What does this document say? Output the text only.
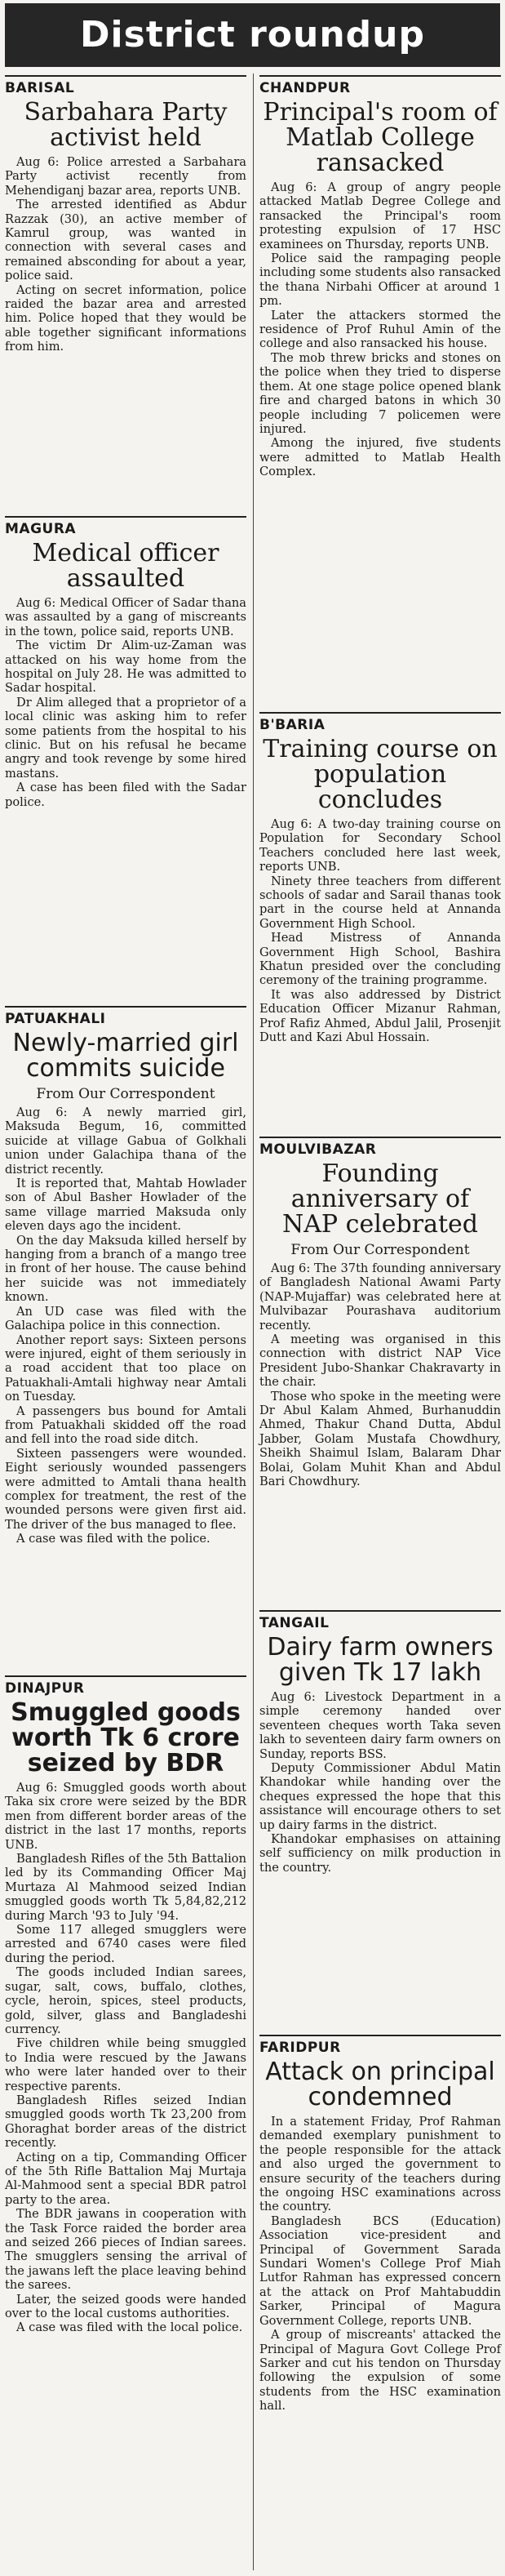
District roundup
BARISAL
Sarbahara Party activist held

Aug 6: Police arrested a Sarbahara Party activist recently from Mehendiganj bazar area, reports UNB.

The arrested identified as Abdur Razzak (30), an active member of Kamrul group, was wanted in connection with several cases and remained absconding for about a year, police said.

Acting on secret information, police raided the bazar area and arrested him. Police hoped that they would be able together significant informations from him.

MAGURA
Medical officer assaulted

Aug 6: Medical Officer of Sadar thana was assaulted by a gang of miscreants in the town, police said, reports UNB.

The victim Dr Alim-uz-Zaman was attacked on his way home from the hospital on July 28. He was admitted to Sadar hospital.

Dr Alim alleged that a proprietor of a local clinic was asking him to refer some patients from the hospital to his clinic. But on his refusal he became angry and took revenge by some hired mastans.

A case has been filed with the Sadar police.

PATUAKHALI
Newly-married girl commits suicide
From Our Correspondent

Aug 6: A newly married girl, Maksuda Begum, 16, committed suicide at village Gabua of Golkhali union under Galachipa thana of the district recently.

It is reported that, Mahtab Howlader son of Abul Basher Howlader of the same village married Maksuda only eleven days ago the incident.

On the day Maksuda killed herself by hanging from a branch of a mango tree in front of her house. The cause behind her suicide was not immediately known.

An UD case was filed with the Galachipa police in this connection.

Another report says: Sixteen persons were injured, eight of them seriously in a road accident that too place on Patuakhali-Amtali highway near Amtali on Tuesday.

A passengers bus bound for Amtali from Patuakhali skidded off the road and fell into the road side ditch.

Sixteen passengers were wounded. Eight seriously wounded passengers were admitted to Amtali thana health complex for treatment, the rest of the wounded persons were given first aid. The driver of the bus managed to flee.

A case was filed with the police.

DINAJPUR
Smuggled goods worth Tk 6 crore seized by BDR

Aug 6: Smuggled goods worth about Taka six crore were seized by the BDR men from different border areas of the district in the last 17 months, reports UNB.

Bangladesh Rifles of the 5th Battalion led by its Commanding Officer Maj Murtaza Al Mahmood seized Indian smuggled goods worth Tk 5,84,82,212 during March '93 to July '94.

Some 117 alleged smugglers were arrested and 6740 cases were filed during the period.

The goods included Indian sarees, sugar, salt, cows, buffalo, clothes, cycle, heroin, spices, steel products, gold, silver, glass and Bangladeshi currency.

Five children while being smuggled to India were rescued by the Jawans who were later handed over to their respective parents.

Bangladesh Rifles seized Indian smuggled goods worth Tk 23,200 from Ghoraghat border areas of the district recently.

Acting on a tip, Commanding Officer of the 5th Rifle Battalion Maj Murtaja Al-Mahmood sent a special BDR patrol party to the area.

The BDR jawans in cooperation with the Task Force raided the border area and seized 266 pieces of Indian sarees. The smugglers sensing the arrival of the jawans left the place leaving behind the sarees.

Later, the seized goods were handed over to the local customs authorities.

A case was filed with the local police.

CHANDPUR
Principal's room of Matlab College ransacked

Aug 6: A group of angry people attacked Matlab Degree College and ransacked the Principal's room protesting expulsion of 17 HSC examinees on Thursday, reports UNB.

Police said the rampaging people including some students also ransacked the thana Nirbahi Officer at around 1 pm.

Later the attackers stormed the residence of Prof Ruhul Amin of the college and also ransacked his house.

The mob threw bricks and stones on the police when they tried to disperse them. At one stage police opened blank fire and charged batons in which 30 people including 7 policemen were injured.

Among the injured, five students were admitted to Matlab Health Complex.

B'BARIA
Training course on population concludes

Aug 6: A two-day training course on Population for Secondary School Teachers concluded here last week, reports UNB.

Ninety three teachers from different schools of sadar and Sarail thanas took part in the course held at Annanda Government High School.

Head Mistress of Annanda Government High School, Bashira Khatun presided over the concluding ceremony of the training programme.

It was also addressed by District Education Officer Mizanur Rahman, Prof Rafiz Ahmed, Abdul Jalil, Prosenjit Dutt and Kazi Abul Hossain.

MOULVIBAZAR
Founding anniversary of NAP celebrated
From Our Correspondent

Aug 6: The 37th founding anniversary of Bangladesh National Awami Party (NAP-Mujaffar) was celebrated here at Mulvibazar Pourashava auditorium recently.

A meeting was organised in this connection with district NAP Vice President Jubo-Shankar Chakravarty in the chair.

Those who spoke in the meeting were Dr Abul Kalam Ahmed, Burhanuddin Ahmed, Thakur Chand Dutta, Abdul Jabber, Golam Mustafa Chowdhury, Sheikh Shaimul Islam, Balaram Dhar Bolai, Golam Muhit Khan and Abdul Bari Chowdhury.

TANGAIL
Dairy farm owners given Tk 17 lakh

Aug 6: Livestock Department in a simple ceremony handed over seventeen cheques worth Taka seven lakh to seventeen dairy farm owners on Sunday, reports BSS.

Deputy Commissioner Abdul Matin Khandokar while handing over the cheques expressed the hope that this assistance will encourage others to set up dairy farms in the district.

Khandokar emphasises on attaining self sufficiency on milk production in the country.

FARIDPUR
Attack on principal condemned

In a statement Friday, Prof Rahman demanded exemplary punishment to the people responsible for the attack and also urged the government to ensure security of the teachers during the ongoing HSC examinations across the country.

Bangladesh BCS (Education) Association vice-president and Principal of Government Sarada Sundari Women's College Prof Miah Lutfor Rahman has expressed concern at the attack on Prof Mahtabuddin Sarker, Principal of Magura Government College, reports UNB.

A group of miscreants' attacked the Principal of Magura Govt College Prof Sarker and cut his tendon on Thursday following the expulsion of some students from the HSC examination hall.
